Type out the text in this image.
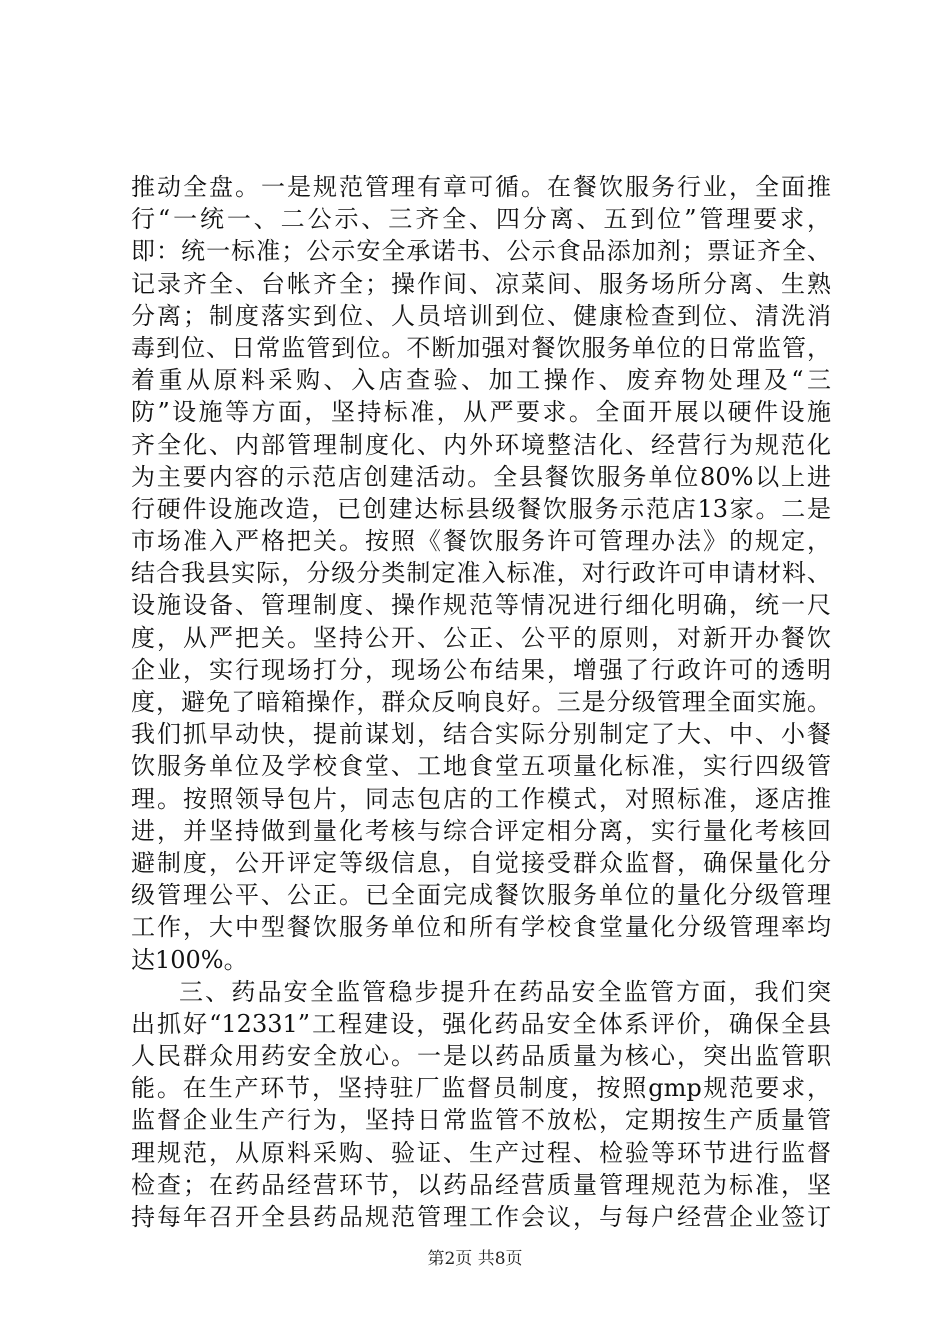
推动全盘。一是规范管理有章可循。在餐饮服务行业，全面推
行“一统一、二公示、三齐全、四分离、五到位”管理要求，
即：统一标准；公示安全承诺书、公示食品添加剂；票证齐全、
记录齐全、台帐齐全；操作间、凉菜间、服务场所分离、生熟
分离；制度落实到位、人员培训到位、健康检查到位、清洗消
毒到位、日常监管到位。不断加强对餐饮服务单位的日常监管，
着重从原料采购、入店查验、加工操作、废弃物处理及“三
防”设施等方面，坚持标准，从严要求。全面开展以硬件设施
齐全化、内部管理制度化、内外环境整洁化、经营行为规范化
为主要内容的示范店创建活动。全县餐饮服务单位80%以上进
行硬件设施改造，已创建达标县级餐饮服务示范店13家。二是
市场准入严格把关。按照《餐饮服务许可管理办法》的规定，
结合我县实际，分级分类制定准入标准，对行政许可申请材料、
设施设备、管理制度、操作规范等情况进行细化明确，统一尺
度，从严把关。坚持公开、公正、公平的原则，对新开办餐饮
企业，实行现场打分，现场公布结果，增强了行政许可的透明
度，避免了暗箱操作，群众反响良好。三是分级管理全面实施。
我们抓早动快，提前谋划，结合实际分别制定了大、中、小餐
饮服务单位及学校食堂、工地食堂五项量化标准，实行四级管
理。按照领导包片，同志包店的工作模式，对照标准，逐店推
进，并坚持做到量化考核与综合评定相分离，实行量化考核回
避制度，公开评定等级信息，自觉接受群众监督，确保量化分
级管理公平、公正。已全面完成餐饮服务单位的量化分级管理
工作，大中型餐饮服务单位和所有学校食堂量化分级管理率均
达100%。
三、药品安全监管稳步提升在药品安全监管方面，我们突
出抓好“12331”工程建设，强化药品安全体系评价，确保全县
人民群众用药安全放心。一是以药品质量为核心，突出监管职
能。在生产环节，坚持驻厂监督员制度，按照gmp规范要求，
监督企业生产行为，坚持日常监管不放松，定期按生产质量管
理规范，从原料采购、验证、生产过程、检验等环节进行监督
检查；在药品经营环节，以药品经营质量管理规范为标准，坚
持每年召开全县药品规范管理工作会议，与每户经营企业签订
第2页 共8页
